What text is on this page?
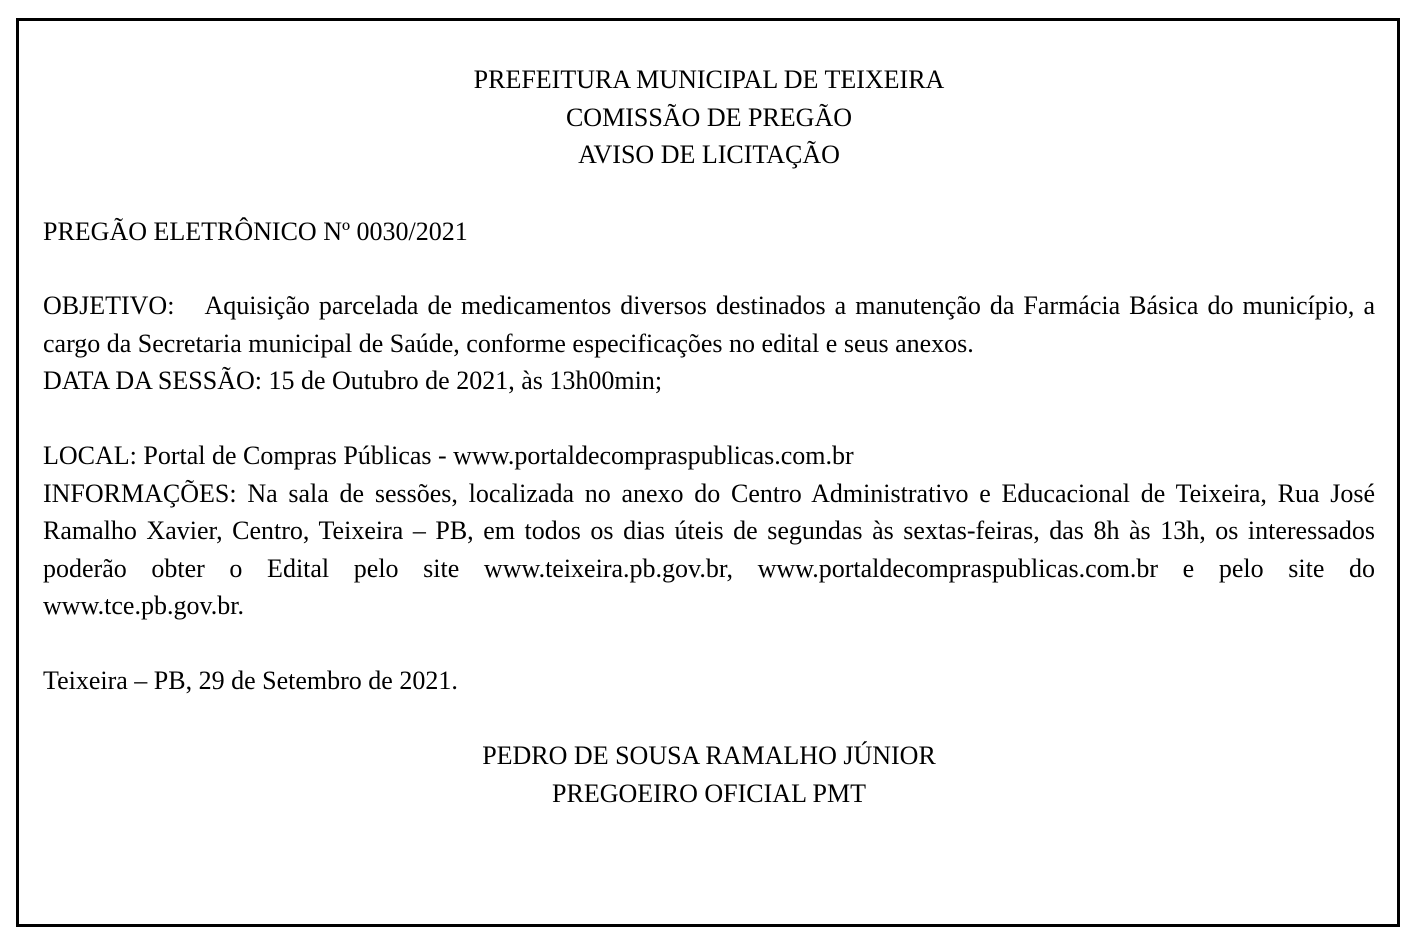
PREFEITURA MUNICIPAL DE TEIXEIRA
COMISSÃO DE PREGÃO
AVISO DE LICITAÇÃO
PREGÃO ELETRÔNICO Nº 0030/2021
OBJETIVO: Aquisição parcelada de medicamentos diversos destinados a manutenção da Farmácia Básica do município, a cargo da Secretaria municipal de Saúde, conforme especificações no edital e seus anexos.
DATA DA SESSÃO: 15 de Outubro de 2021, às 13h00min;
LOCAL: Portal de Compras Públicas - www.portaldecompraspublicas.com.br
INFORMAÇÕES: Na sala de sessões, localizada no anexo do Centro Administrativo e Educacional de Teixeira, Rua José Ramalho Xavier, Centro, Teixeira – PB, em todos os dias úteis de segundas às sextas-feiras, das 8h às 13h, os interessados poderão obter o Edital pelo site www.teixeira.pb.gov.br, www.portaldecompraspublicas.com.br e pelo site do www.tce.pb.gov.br.
Teixeira – PB, 29 de Setembro de 2021.
PEDRO DE SOUSA RAMALHO JÚNIOR
PREGOEIRO OFICIAL PMT
